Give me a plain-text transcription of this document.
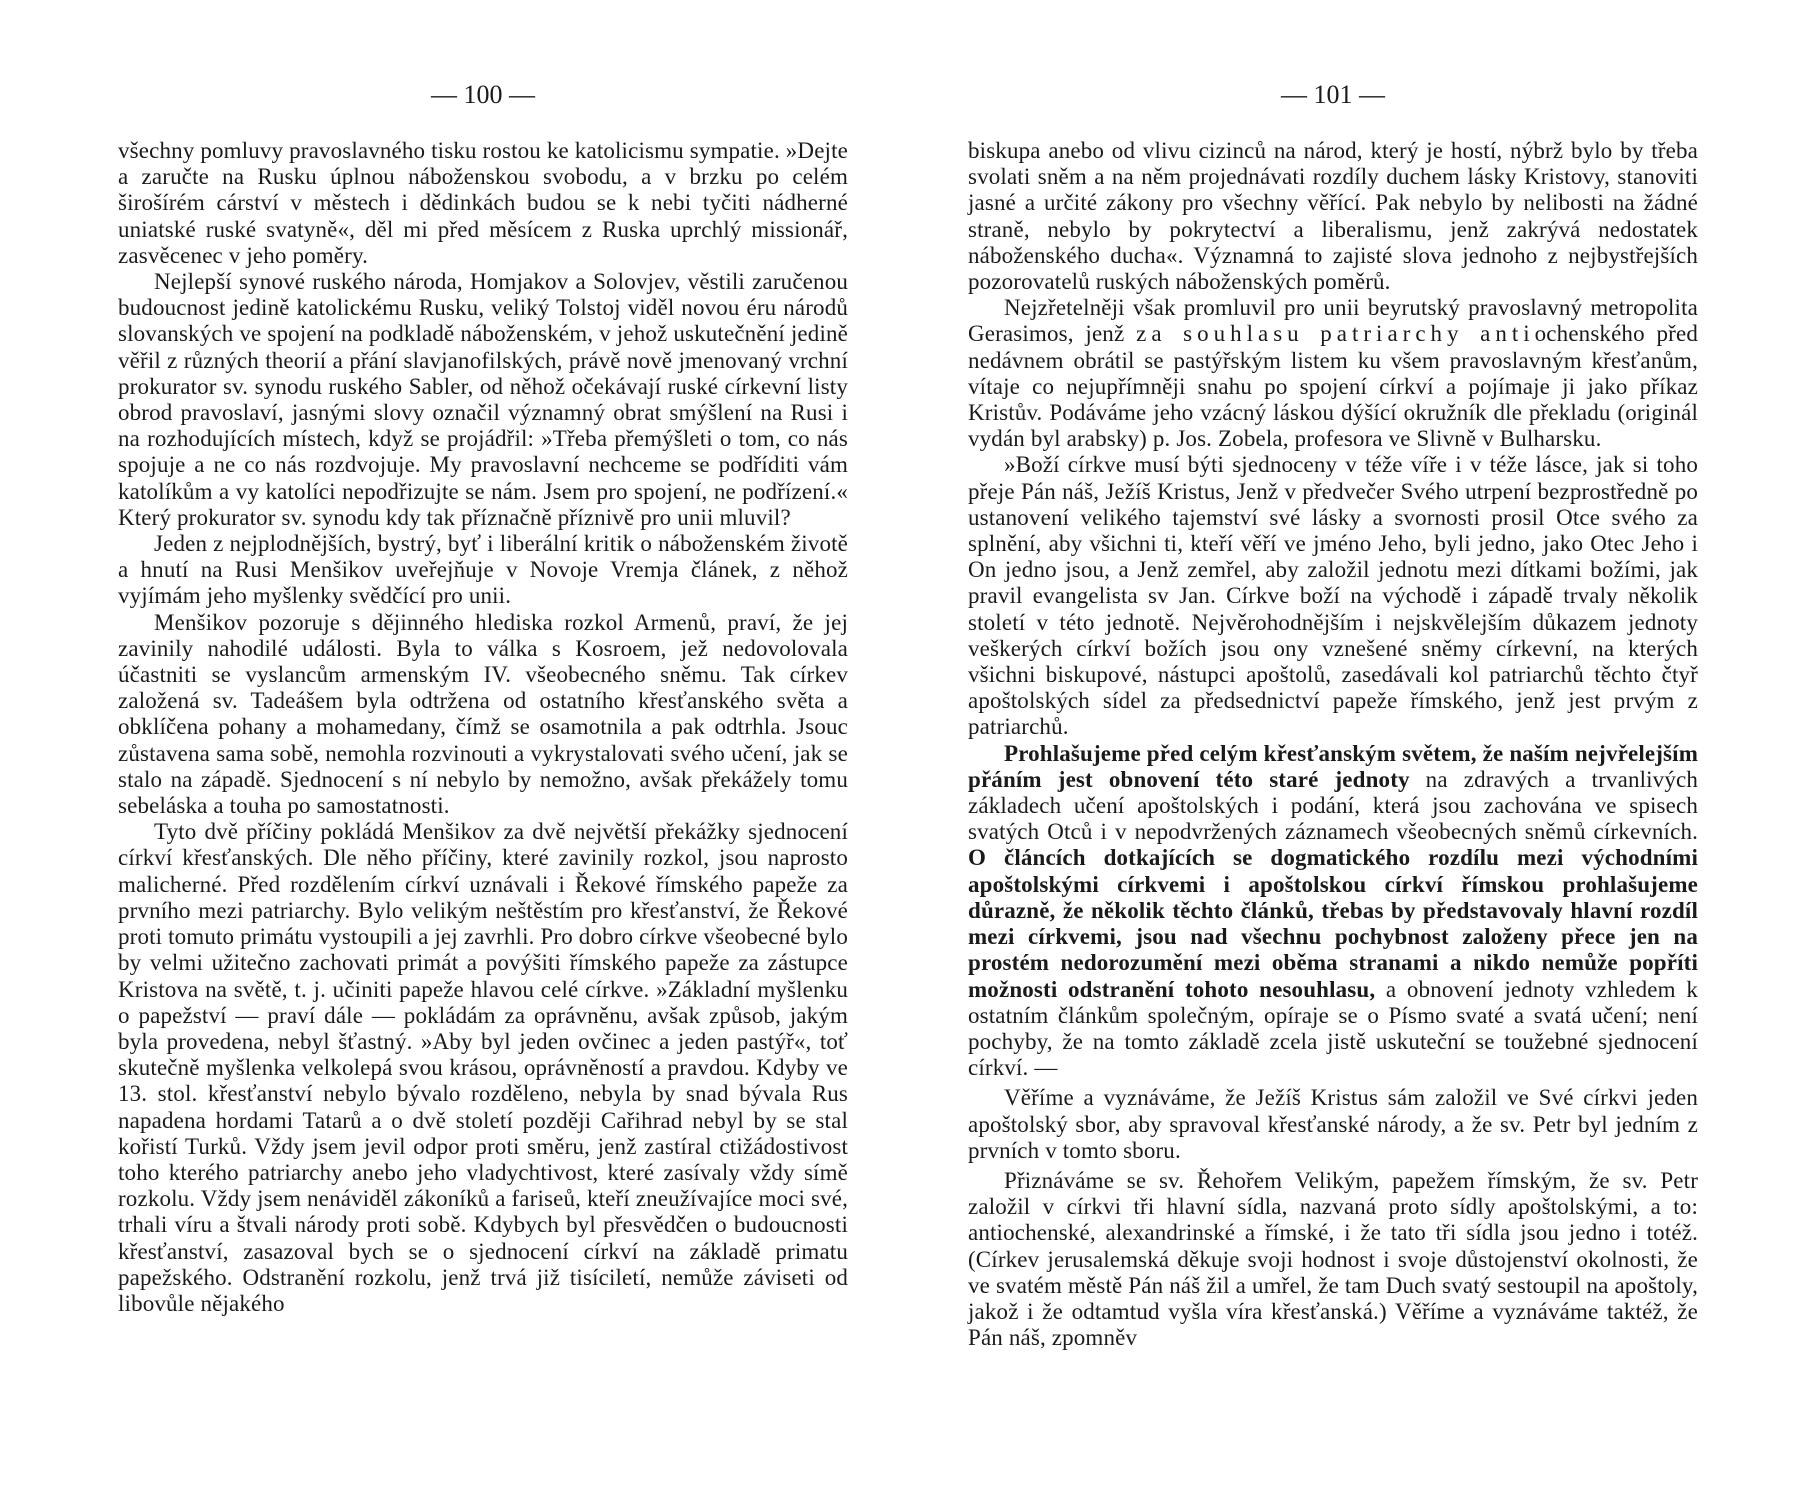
— 100 —

všechny pomluvy pravoslavného tisku rostou ke katolicismu sympatie. »Dejte a zaručte na Rusku úplnou náboženskou svobodu, a v brzku po celém širošírém cárství v městech i dědinkách budou se k nebi tyčiti nádherné uniatské ruské svatyně«, děl mi před měsícem z Ruska uprchlý missionář, zasvěcenec v jeho poměry.

Nejlepší synové ruského národa, Homjakov a Solovjev, věstili zaručenou budoucnost jedině katolickému Rusku, veliký Tolstoj viděl novou éru národů slovanských ve spojení na podkladě náboženském, v jehož uskutečnění jedině věřil z různých theorií a přání slavjanofilských, právě nově jmenovaný vrchní prokurator sv. synodu ruského Sabler, od něhož očekávají ruské církevní listy obrod pravoslaví, jasnými slovy označil významný obrat smýšlení na Rusi i na rozhodujících místech, když se projádřil: »Třeba přemýšleti o tom, co nás spojuje a ne co nás rozdvojuje. My pravoslavní nechceme se podříditi vám katolíkům a vy katolíci nepodřizujte se nám. Jsem pro spojení, ne podřízení.« Který prokurator sv. synodu kdy tak příznačně příznivě pro unii mluvil?

Jeden z nejplodnějších, bystrý, byť i liberální kritik o náboženském životě a hnutí na Rusi Menšikov uveřejňuje v Novoje Vremja článek, z něhož vyjímám jeho myšlenky svědčící pro unii.

Menšikov pozoruje s dějinného hlediska rozkol Armenů, praví, že jej zavinily nahodilé události. Byla to válka s Kosroem, jež nedovolovala účastniti se vyslancům armenským IV. všeobecného sněmu. Tak církev založená sv. Tadeášem byla odtržena od ostatního křesťanského světa a obklíčena pohany a mohamedany, čímž se osamotnila a pak odtrhla. Jsouc zůstavena sama sobě, nemohla rozvinouti a vykrystalovati svého učení, jak se stalo na západě. Sjednocení s ní nebylo by nemožno, avšak překážely tomu sebeláska a touha po samostatnosti.

Tyto dvě příčiny pokládá Menšikov za dvě největší překážky sjednocení církví křesťanských. Dle něho příčiny, které zavinily rozkol, jsou naprosto malicherné. Před rozdělením církví uznávali i Řekové římského papeže za prvního mezi patriarchy. Bylo velikým neštěstím pro křesťanství, že Řekové proti tomuto primátu vystoupili a jej zavrhli. Pro dobro církve všeobecné bylo by velmi užitečno zachovati primát a povýšiti římského papeže za zástupce Kristova na světě, t. j. učiniti papeže hlavou celé církve. »Základní myšlenku o papežství — praví dále — pokládám za oprávněnu, avšak způsob, jakým byla provedena, nebyl šťastný. »Aby byl jeden ovčinec a jeden pastýř«, toť skutečně myšlenka velkolepá svou krásou, oprávněností a pravdou. Kdyby ve 13. stol. křesťanství nebylo bývalo rozděleno, nebyla by snad bývala Rus napadena hordami Tatarů a o dvě století později Cařihrad nebyl by se stal kořistí Turků. Vždy jsem jevil odpor proti směru, jenž zastíral ctižádostivost toho kterého patriarchy anebo jeho vladychtivost, které zasívaly vždy símě rozkolu. Vždy jsem nenáviděl zákoníků a fariseů, kteří zneužívajíce moci své, trhali víru a štvali národy proti sobě. Kdybych byl přesvědčen o budoucnosti křesťanství, zasazoval bych se o sjednocení církví na základě primatu papežského. Odstranění rozkolu, jenž trvá již tisíciletí, nemůže záviseti od libovůle nějakého

— 101 —

biskupa anebo od vlivu cizinců na národ, který je hostí, nýbrž bylo by třeba svolati sněm a na něm projednávati rozdíly duchem lásky Kristovy, stanoviti jasné a určité zákony pro všechny věřící. Pak nebylo by nelibosti na žádné straně, nebylo by pokrytectví a liberalismu, jenž zakrývá nedostatek náboženského ducha«. Významná to zajisté slova jednoho z nejbystřejších pozorovatelů ruských náboženských poměrů.

Nejzřetelněji však promluvil pro unii beyrutský pravoslavný metropolita Gerasimos, jenž za souhlasu patriarchy antiochenského před nedávnem obrátil se pastýřským listem ku všem pravoslavným křesťanům, vítaje co nejupřímněji snahu po spojení církví a pojímaje ji jako příkaz Kristův. Podáváme jeho vzácný láskou dýšící okružník dle překladu (originál vydán byl arabsky) p. Jos. Zobela, profesora ve Slivně v Bulharsku.

»Boží církve musí býti sjednoceny v téže víře i v téže lásce, jak si toho přeje Pán náš, Ježíš Kristus, Jenž v předvečer Svého utrpení bezprostředně po ustanovení velikého tajemství své lásky a svornosti prosil Otce svého za splnění, aby všichni ti, kteří věří ve jméno Jeho, byli jedno, jako Otec Jeho i On jedno jsou, a Jenž zemřel, aby založil jednotu mezi dítkami božími, jak pravil evangelista sv Jan. Církve boží na východě i západě trvaly několik století v této jednotě. Nejvěrohodnějším i nejskvělejším důkazem jednoty veškerých církví božích jsou ony vznešené sněmy církevní, na kterých všichni biskupové, nástupci apoštolů, zasedávali kol patriarchů těchto čtyř apoštolských sídel za předsednictví papeže římského, jenž jest prvým z patriarchů.

Prohlašujeme před celým křesťanským světem, že naším nejvřelejším přáním jest obnovení této staré jednoty na zdravých a trvanlivých základech učení apoštolských i podání, která jsou zachována ve spisech svatých Otců i v nepodvržených záznamech všeobecných sněmů církevních. O článcích dotkajících se dogmatického rozdílu mezi východními apoštolskými církvemi i apoštolskou církví římskou prohlašujeme důrazně, že několik těchto článků, třebas by představovaly hlavní rozdíl mezi církvemi, jsou nad všechnu pochybnost založeny přece jen na prostém nedorozumění mezi oběma stranami a nikdo nemůže popříti možnosti odstranění tohoto nesouhlasu, a obnovení jednoty vzhledem k ostatním článkům společným, opíraje se o Písmo svaté a svatá učení; není pochyby, že na tomto základě zcela jistě uskuteční se toužebné sjednocení církví. —

Věříme a vyznáváme, že Ježíš Kristus sám založil ve Své církvi jeden apoštolský sbor, aby spravoval křesťanské národy, a že sv. Petr byl jedním z prvních v tomto sboru.

Přiznáváme se sv. Řehořem Velikým, papežem římským, že sv. Petr založil v církvi tři hlavní sídla, nazvaná proto sídly apoštolskými, a to: antiochenské, alexandrinské a římské, i že tato tři sídla jsou jedno i totéž. (Církev jerusalemská děkuje svoji hodnost i svoje důstojenství okolnosti, že ve svatém městě Pán náš žil a umřel, že tam Duch svatý sestoupil na apoštoly, jakož i že odtamtud vyšla víra křesťanská.) Věříme a vyznáváme taktéž, že Pán náš, zpomněv
